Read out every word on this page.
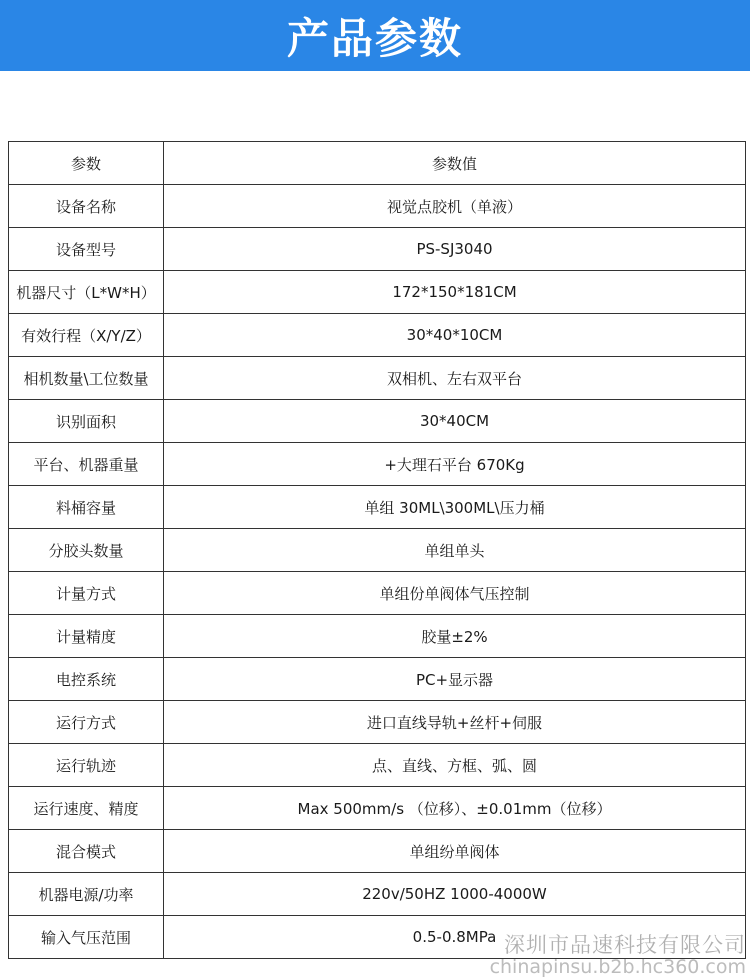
产品参数
参数	参数值
设备名称	视觉点胶机（单液）
设备型号	PS-SJ3040
机器尺寸（L*W*H）	172*150*181CM
有效行程（X/Y/Z）	30*40*10CM
相机数量\工位数量	双相机、左右双平台
识别面积	30*40CM
平台、机器重量	+大理石平台 670Kg
料桶容量	单组 30ML\300ML\压力桶
分胶头数量	单组单头
计量方式	单组份单阀体气压控制
计量精度	胶量±2%
电控系统	PC+显示器
运行方式	进口直线导轨+丝杆+伺服
运行轨迹	点、直线、方框、弧、圆
运行速度、精度	Max 500mm/s （位移）、±0.01mm（位移）
混合模式	单组纷单阀体
机器电源/功率	220v/50HZ 1000-4000W
输入气压范围	0.5-0.8MPa 深圳市品速科技有限公司
chinapinsu.b2b.hc360.com
